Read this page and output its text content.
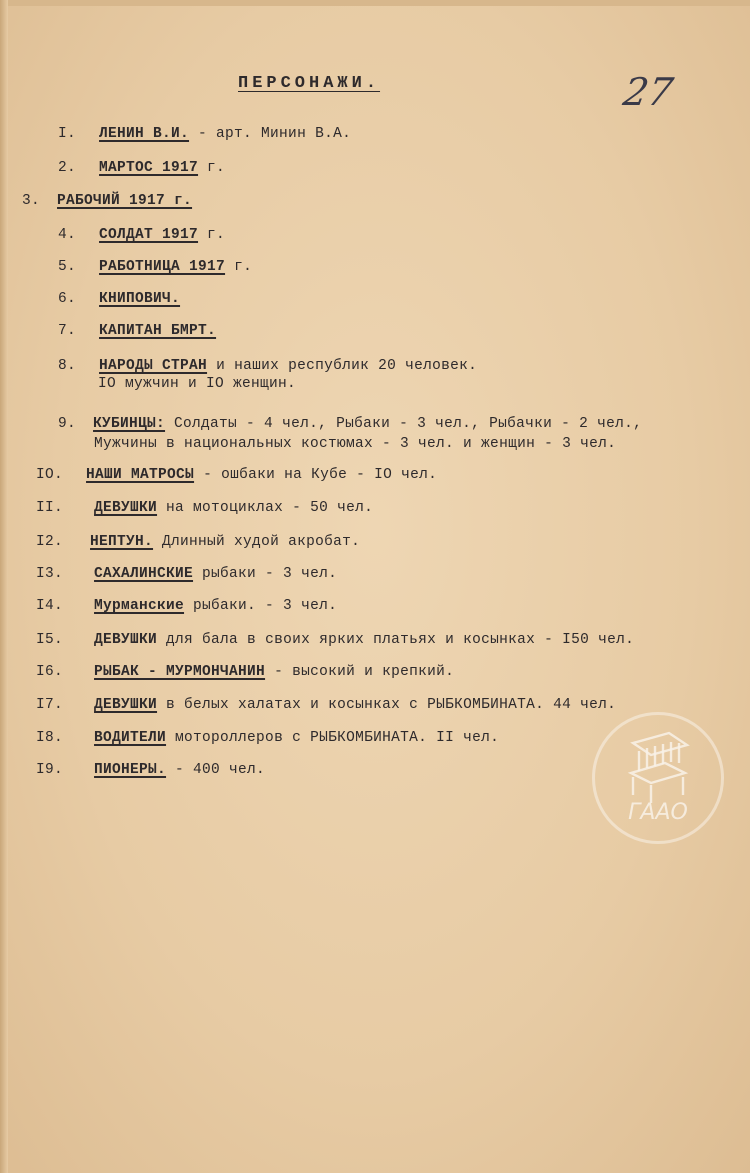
ПЕРСОНАЖИ.	27
I. ЛЕНИН В.И. - арт. Минин В.А.
2. МАРТОС 1917 г.
3. РАБОЧИЙ 1917 г.
4. СОЛДАТ 1917 г.
5. РАБОТНИЦА 1917 г.
6. КНИПОВИЧ.
7. КАПИТАН БМРТ.
8. НАРОДЫ СТРАН и наших республик 20 человек.
IO мужчин и IO женщин.
9. КУБИНЦЫ: Солдаты - 4 чел., Рыбаки - 3 чел., Рыбачки - 2 чел.,
Мужчины в национальных костюмах - 3 чел. и женщин - 3 чел.
IO. НАШИ МАТРОСЫ - ошбаки на Кубе - IO чел.
II. ДЕВУШКИ на мотоциклах - 50 чел.
I2. НЕПТУН. Длинный худой акробат.
I3. САХАЛИНСКИЕ рыбаки - 3 чел.
I4. Мурманские рыбаки. - 3 чел.
I5. ДЕВУШКИ для бала в своих ярких платьях и косынках - I50 чел.
I6. РЫБАК - МУРМОНЧАНИН - высокий и крепкий.
I7. ДЕВУШКИ в белых халатах и косынках с РЫБКОМБИНАТА. 44 чел.
I8. ВОДИТЕЛИ мотороллеров с РЫБКОМБИНАТА. II чел.
I9. ПИОНЕРЫ. - 400 чел.
ГААО
